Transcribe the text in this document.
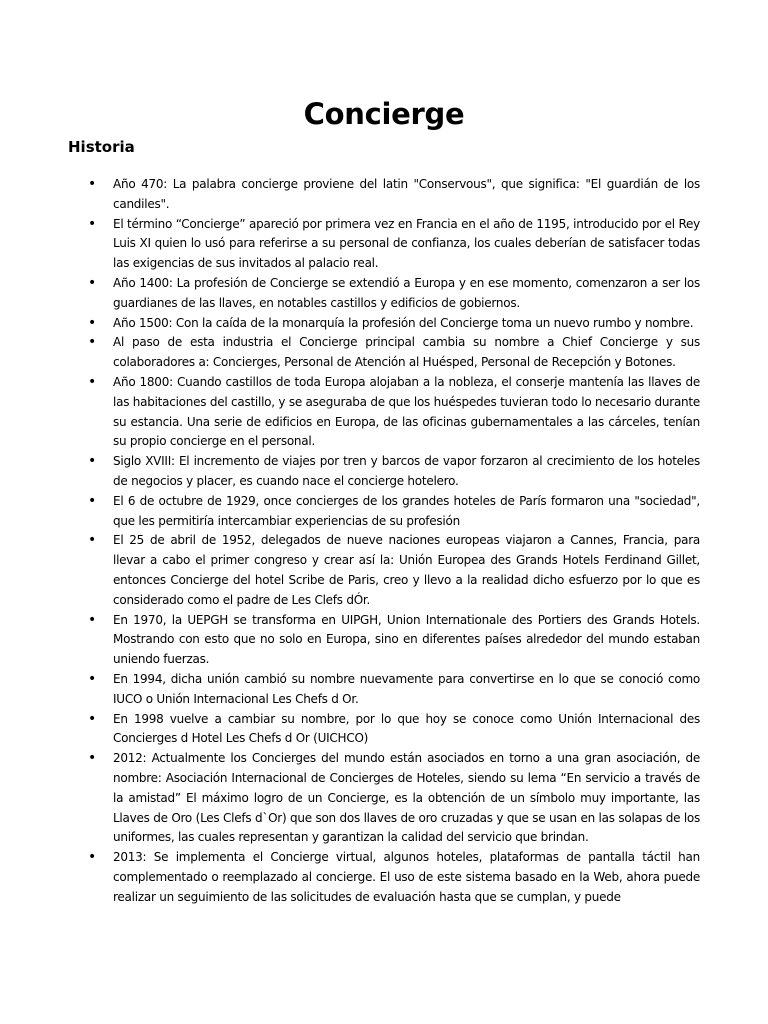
Concierge
Historia
•	Año 470: La palabra concierge proviene del latin "Conservous", que significa: "El guardián de los candiles".
•	El término “Concierge” apareció por primera vez en Francia en el año de 1195, introducido por el Rey Luis XI quien lo usó para referirse a su personal de confianza, los cuales deberían de satisfacer todas las exigencias de sus invitados al palacio real.
•	Año 1400: La profesión de Concierge se extendió a Europa y en ese momento, comenzaron a ser los guardianes de las llaves, en notables castillos y edificios de gobiernos.
•	Año 1500: Con la caída de la monarquía la profesión del Concierge toma un nuevo rumbo y nombre.
•	Al paso de esta industria el Concierge principal cambia su nombre a Chief Concierge y sus colaboradores a: Concierges, Personal de Atención al Huésped, Personal de Recepción y Botones.
•	Año 1800: Cuando castillos de toda Europa alojaban a la nobleza, el conserje mantenía las llaves de las habitaciones del castillo, y se aseguraba de que los huéspedes tuvieran todo lo necesario durante su estancia. Una serie de edificios en Europa, de las oficinas gubernamentales a las cárceles, tenían su propio concierge en el personal.
•	Siglo XVIII: El incremento de viajes por tren y barcos de vapor forzaron al crecimiento de los hoteles de negocios y placer, es cuando nace el concierge hotelero.
•	El 6 de octubre de 1929, once concierges de los grandes hoteles de París formaron una "sociedad", que les permitiría intercambiar experiencias de su profesión
•	El 25 de abril de 1952, delegados de nueve naciones europeas viajaron a Cannes, Francia, para llevar a cabo el primer congreso y crear así la: Unión Europea des Grands Hotels Ferdinand Gillet, entonces Concierge del hotel Scribe de Paris, creo y llevo a la realidad dicho esfuerzo por lo que es considerado como el padre de Les Clefs dÓr.
•	En 1970, la UEPGH se transforma en UIPGH, Union Internationale des Portiers des Grands Hotels. Mostrando con esto que no solo en Europa, sino en diferentes países alrededor del mundo estaban uniendo fuerzas.
•	En 1994, dicha unión cambió su nombre nuevamente para convertirse en lo que se conoció como IUCO o Unión Internacional Les Chefs d Or.
•	En 1998 vuelve a cambiar su nombre, por lo que hoy se conoce como Unión Internacional des Concierges d Hotel Les Chefs d Or (UICHCO)
•	2012: Actualmente los Concierges del mundo están asociados en torno a una gran asociación, de nombre: Asociación Internacional de Concierges de Hoteles, siendo su lema “En servicio a través de la amistad” El máximo logro de un Concierge, es la obtención de un símbolo muy importante, las Llaves de Oro (Les Clefs d`Or) que son dos llaves de oro cruzadas y que se usan en las solapas de los uniformes, las cuales representan y garantizan la calidad del servicio que brindan.
•	2013: Se implementa el Concierge virtual, algunos hoteles, plataformas de pantalla táctil han complementado o reemplazado al concierge. El uso de este sistema basado en la Web, ahora puede realizar un seguimiento de las solicitudes de evaluación hasta que se cumplan, y puede
